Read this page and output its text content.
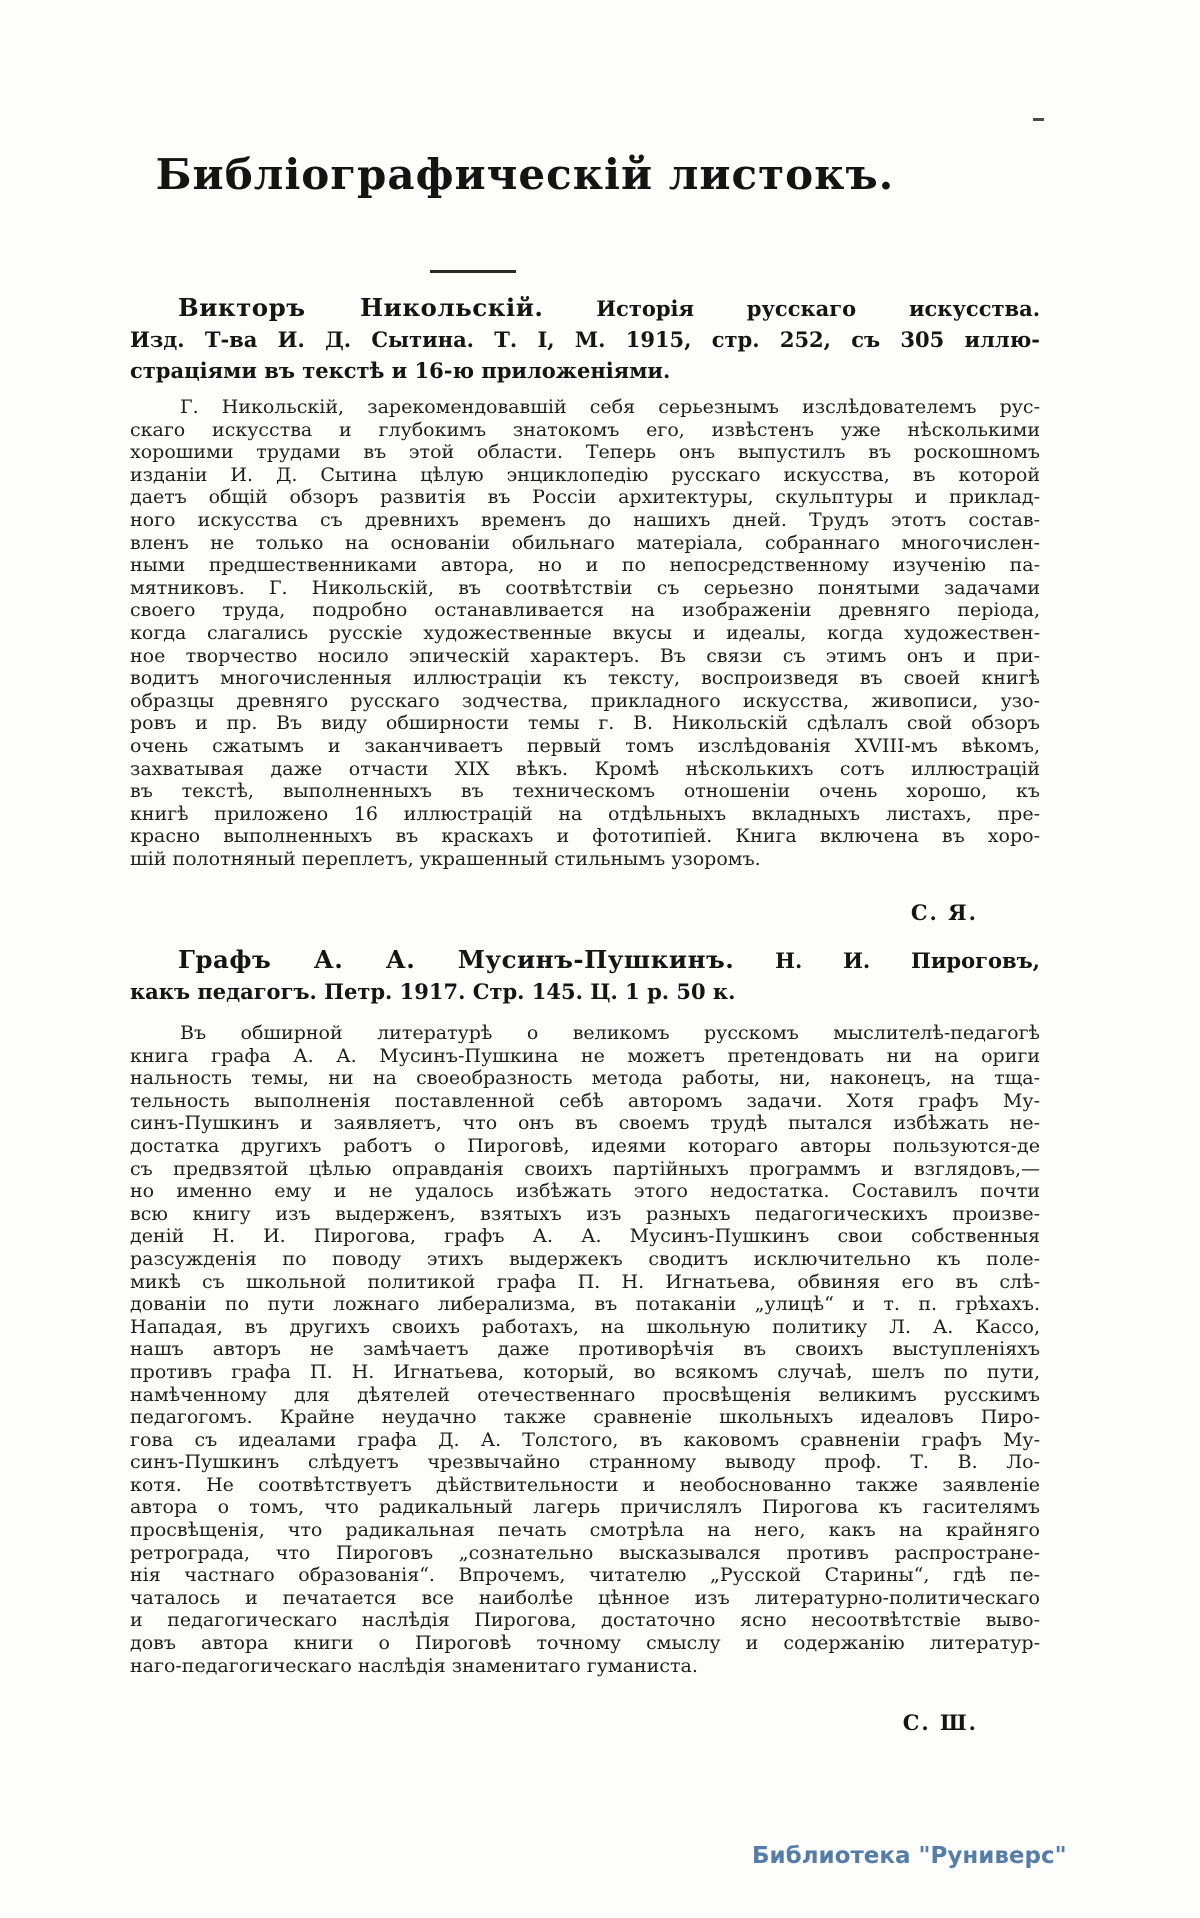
Библіографическій листокъ.
Викторъ Никольскій.	Исторія русскаго искусства.
Изд. Т-ва И. Д. Сытина. Т. I, М. 1915, стр. 252, съ 305 иллю-
страціями въ текстѣ и 16-ю приложеніями.
Г. Никольскій, зарекомендовавшій себя серьезнымъ изслѣдователемъ рус-
скаго искусства и глубокимъ знатокомъ его, извѣстенъ уже нѣсколькими
хорошими трудами въ этой области. Теперь онъ выпустилъ въ роскошномъ
изданіи И. Д. Сытина цѣлую энциклопедію русскаго искусства, въ которой
даетъ общій обзоръ развитія въ Россіи архитектуры, скульптуры и приклад-
ного искусства съ древнихъ временъ до нашихъ дней. Трудъ этотъ состав-
вленъ не только на основаніи обильнаго матеріала, собраннаго многочислен-
ными предшественниками автора, но и по непосредственному изученію па-
мятниковъ. Г. Никольскій, въ соотвѣтствіи съ серьезно понятыми задачами
своего труда, подробно останавливается на изображеніи древняго періода,
когда слагались русскіе художественные вкусы и идеалы, когда художествен-
ное творчество носило эпическій характеръ. Въ связи съ этимъ онъ и при-
водитъ многочисленныя иллюстраціи къ тексту, воспроизведя въ своей книгѣ
образцы древняго русскаго зодчества, прикладного искусства, живописи, узо-
ровъ и пр. Въ виду обширности темы г. В. Никольскій сдѣлалъ свой обзоръ
очень сжатымъ и заканчиваетъ первый томъ изслѣдованія XVIII-мъ вѣкомъ,
захватывая даже отчасти XIX вѣкъ. Кромѣ нѣсколькихъ сотъ иллюстрацій
въ текстѣ, выполненныхъ въ техническомъ отношеніи очень хорошо, къ
книгѣ приложено 16 иллюстрацій на отдѣльныхъ вкладныхъ листахъ, пре-
красно выполненныхъ въ краскахъ и фототипіей. Книга включена въ хоро-
шій полотняный переплетъ, украшенный стильнымъ узоромъ.
С. Я.
Графъ А. А. Мусинъ-Пушкинъ. Н. И. Пироговъ,
какъ педагогъ. Петр. 1917. Стр. 145. Ц. 1 р. 50 к.
Въ обширной литературѣ о великомъ русскомъ мыслителѣ-педагогѣ
книга графа А. А. Мусинъ-Пушкина не можетъ претендовать ни на ориги
нальность темы, ни на своеобразность метода работы, ни, наконецъ, на тща-
тельность выполненія поставленной себѣ авторомъ задачи. Хотя графъ Му-
синъ-Пушкинъ и заявляетъ, что онъ въ своемъ трудѣ пытался избѣжать не-
достатка другихъ работъ о Пироговѣ, идеями котораго авторы пользуются-де
съ предвзятой цѣлью оправданія своихъ партійныхъ программъ и взглядовъ,—
но именно ему и не удалось избѣжать этого недостатка. Составилъ почти
всю книгу изъ выдерженъ, взятыхъ изъ разныхъ педагогическихъ произве-
деній Н. И. Пирогова, графъ А. А. Мусинъ-Пушкинъ свои собственныя
разсужденія по поводу этихъ выдержекъ сводитъ исключительно къ поле-
микѣ съ школьной политикой графа П. Н. Игнатьева, обвиняя его въ слѣ-
дованіи по пути ложнаго либерализма, въ потаканіи „улицѣ“ и т. п. грѣхахъ.
Нападая, въ другихъ своихъ работахъ, на школьную политику Л. А. Кассо,
нашъ авторъ не замѣчаетъ даже противорѣчія въ своихъ выступленіяхъ
противъ графа П. Н. Игнатьева, который, во всякомъ случаѣ, шелъ по пути,
намѣченному для дѣятелей отечественнаго просвѣщенія великимъ русскимъ
педагогомъ. Крайне неудачно также сравненіе школьныхъ идеаловъ Пиро-
гова съ идеалами графа Д. А. Толстого, въ каковомъ сравненіи графъ Му-
синъ-Пушкинъ слѣдуетъ чрезвычайно странному выводу проф. Т. В. Ло-
котя. Не соотвѣтствуетъ дѣйствительности и необоснованно также заявленіе
автора о томъ, что радикальный лагерь причислялъ Пирогова къ гасителямъ
просвѣщенія, что радикальная печать смотрѣла на него, какъ на крайняго
ретрограда, что Пироговъ „сознательно высказывался противъ распростране-
нія частнаго образованія“. Впрочемъ, читателю „Русской Старины“, гдѣ пе-
чаталось и печатается все наиболѣе цѣнное изъ литературно-политическаго
и педагогическаго наслѣдія Пирогова, достаточно ясно несоотвѣтствіе выво-
довъ автора книги о Пироговѣ точному смыслу и содержанію литератур-
наго-педагогическаго наслѣдія знаменитаго гуманиста.
С. Ш.
Библиотека "Руниверс"
